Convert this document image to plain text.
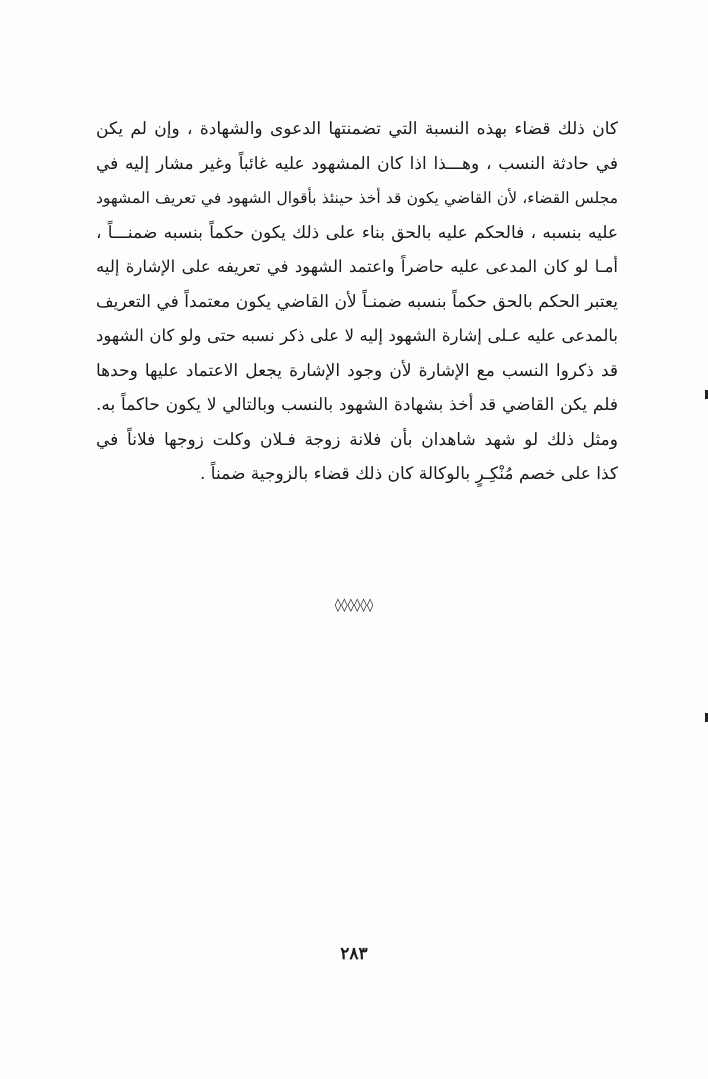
كان ذلك قضاء بهذه النسبة التي تضمنتها الدعوى والشهادة ، وإن لم يكن
في حادثة النسب ، وهـــذا اذا كان المشهود عليه غائباً وغير مشار إليه في
مجلس القضاء، لأن القاضي يكون قد أخذ حينئذ بأقوال الشهود في تعريف المشهود
عليه بنسبه ، فالحكم عليه بالحق بناء على ذلك يكون حكماً بنسبه ضمنـــاً ،
أمـا لو كان المدعى عليه حاضراً واعتمد الشهود في تعريفه على الإشارة إليه
يعتبر الحكم بالحق حكماً بنسبه ضمنـاً لأن القاضي يكون معتمداً في التعريف
بالمدعى عليه عـلى إشارة الشهود إليه لا على ذكر نسبه حتى ولو كان الشهود
قد ذكروا النسب مع الإشارة لأن وجود الإشارة يجعل الاعتماد عليها وحدها
فلم يكن القاضي قد أخذ بشهادة الشهود بالنسب وبالتالي لا يكون حاكماً به.
ومثل ذلك لو شهد شاهدان بأن فلانة زوجة فـلان وكلت زوجها فلاناً في
كذا على خصم مُنْكِـرٍ بالوكالة كان ذلك قضاء بالزوجية ضمناً .
◊◊◊◊◊◊
٢٨٣
